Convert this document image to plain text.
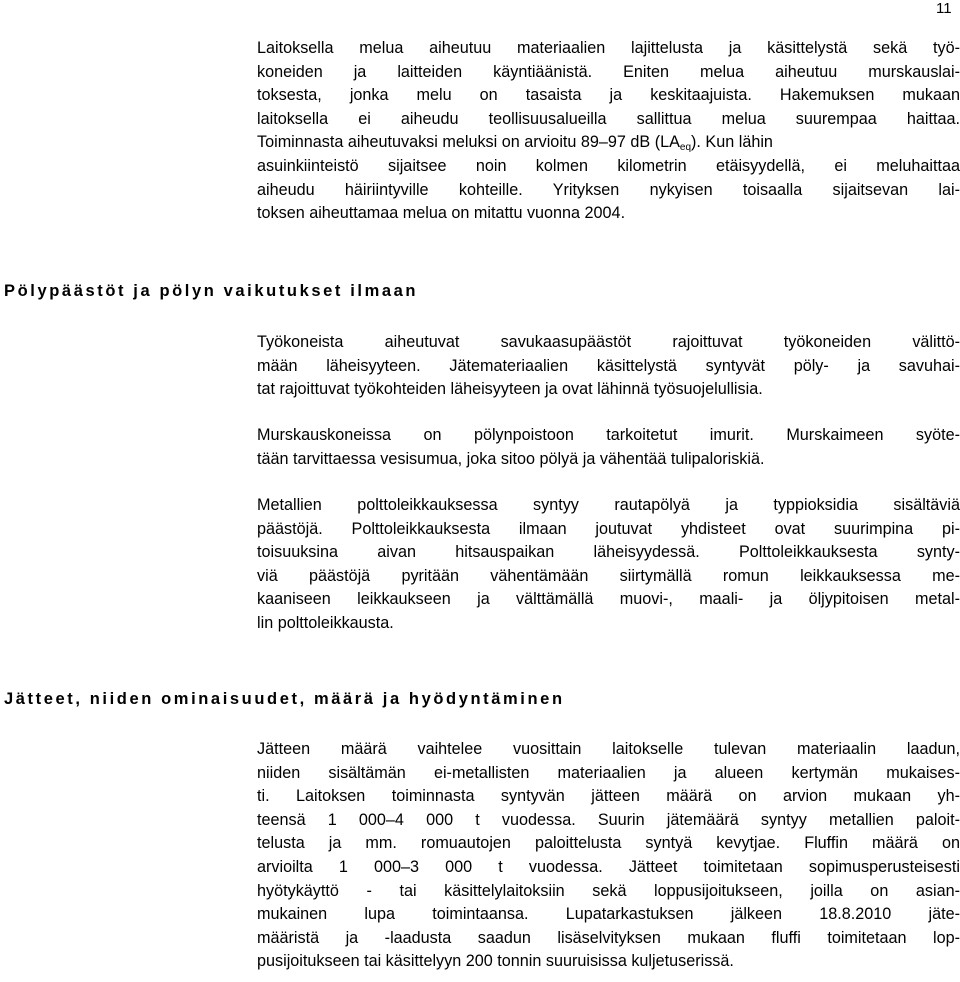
11
Laitoksella melua aiheutuu materiaalien lajittelusta ja käsittelystä sekä työ-
koneiden ja laitteiden käyntiäänistä. Eniten melua aiheutuu murskauslai-
toksesta, jonka melu on tasaista ja keskitaajuista. Hakemuksen mukaan
laitoksella ei aiheudu teollisuusalueilla sallittua melua suurempaa haittaa.
Toiminnasta aiheutuvaksi meluksi on arvioitu 89–97 dB $(LA_{eq})$. Kun lähin
asuinkiinteistö sijaitsee noin kolmen kilometrin etäisyydellä, ei meluhaittaa
aiheudu häiriintyville kohteille. Yrityksen nykyisen toisaalla sijaitsevan lai-
toksen aiheuttamaa melua on mitattu vuonna 2004.
Pölypäästöt ja pölyn vaikutukset ilmaan
Työkoneista aiheutuvat savukaasupäästöt rajoittuvat työkoneiden välittö-
mään läheisyyteen. Jätemateriaalien käsittelystä syntyvät pöly- ja savuhai-
tat rajoittuvat työkohteiden läheisyyteen ja ovat lähinnä työsuojelullisia.
Murskauskoneissa on pölynpoistoon tarkoitetut imurit. Murskaimeen syöte-
tään tarvittaessa vesisumua, joka sitoo pölyä ja vähentää tulipaloriskiä.
Metallien polttoleikkauksessa syntyy rautapölyä ja typpioksidia sisältäviä
päästöjä. Polttoleikkauksesta ilmaan joutuvat yhdisteet ovat suurimpina pi-
toisuuksina aivan hitsauspaikan läheisyydessä. Polttoleikkauksesta synty-
viä päästöjä pyritään vähentämään siirtymällä romun leikkauksessa me-
kaaniseen leikkaukseen ja välttämällä muovi-, maali- ja öljypitoisen metal-
lin polttoleikkausta.
Jätteet, niiden ominaisuudet, määrä ja hyödyntäminen
Jätteen määrä vaihtelee vuosittain laitokselle tulevan materiaalin laadun,
niiden sisältämän ei-metallisten materiaalien ja alueen kertymän mukaises-
ti. Laitoksen toiminnasta syntyvän jätteen määrä on arvion mukaan yh-
teensä 1 000–4 000 t vuodessa. Suurin jätemäärä syntyy metallien paloit-
telusta ja mm. romuautojen paloittelusta syntyä kevytjae. Fluffin määrä on
arvioilta 1 000–3 000 t vuodessa. Jätteet toimitetaan sopimusperusteisesti
hyötykäyttö - tai käsittelylaitoksiin sekä loppusijoitukseen, joilla on asian-
mukainen lupa toimintaansa. Lupatarkastuksen jälkeen 18.8.2010 jäte-
määristä ja -laadusta saadun lisäselvityksen mukaan fluffi toimitetaan lop-
pusijoitukseen tai käsittelyyn 200 tonnin suuruisissa kuljetuserissä.
